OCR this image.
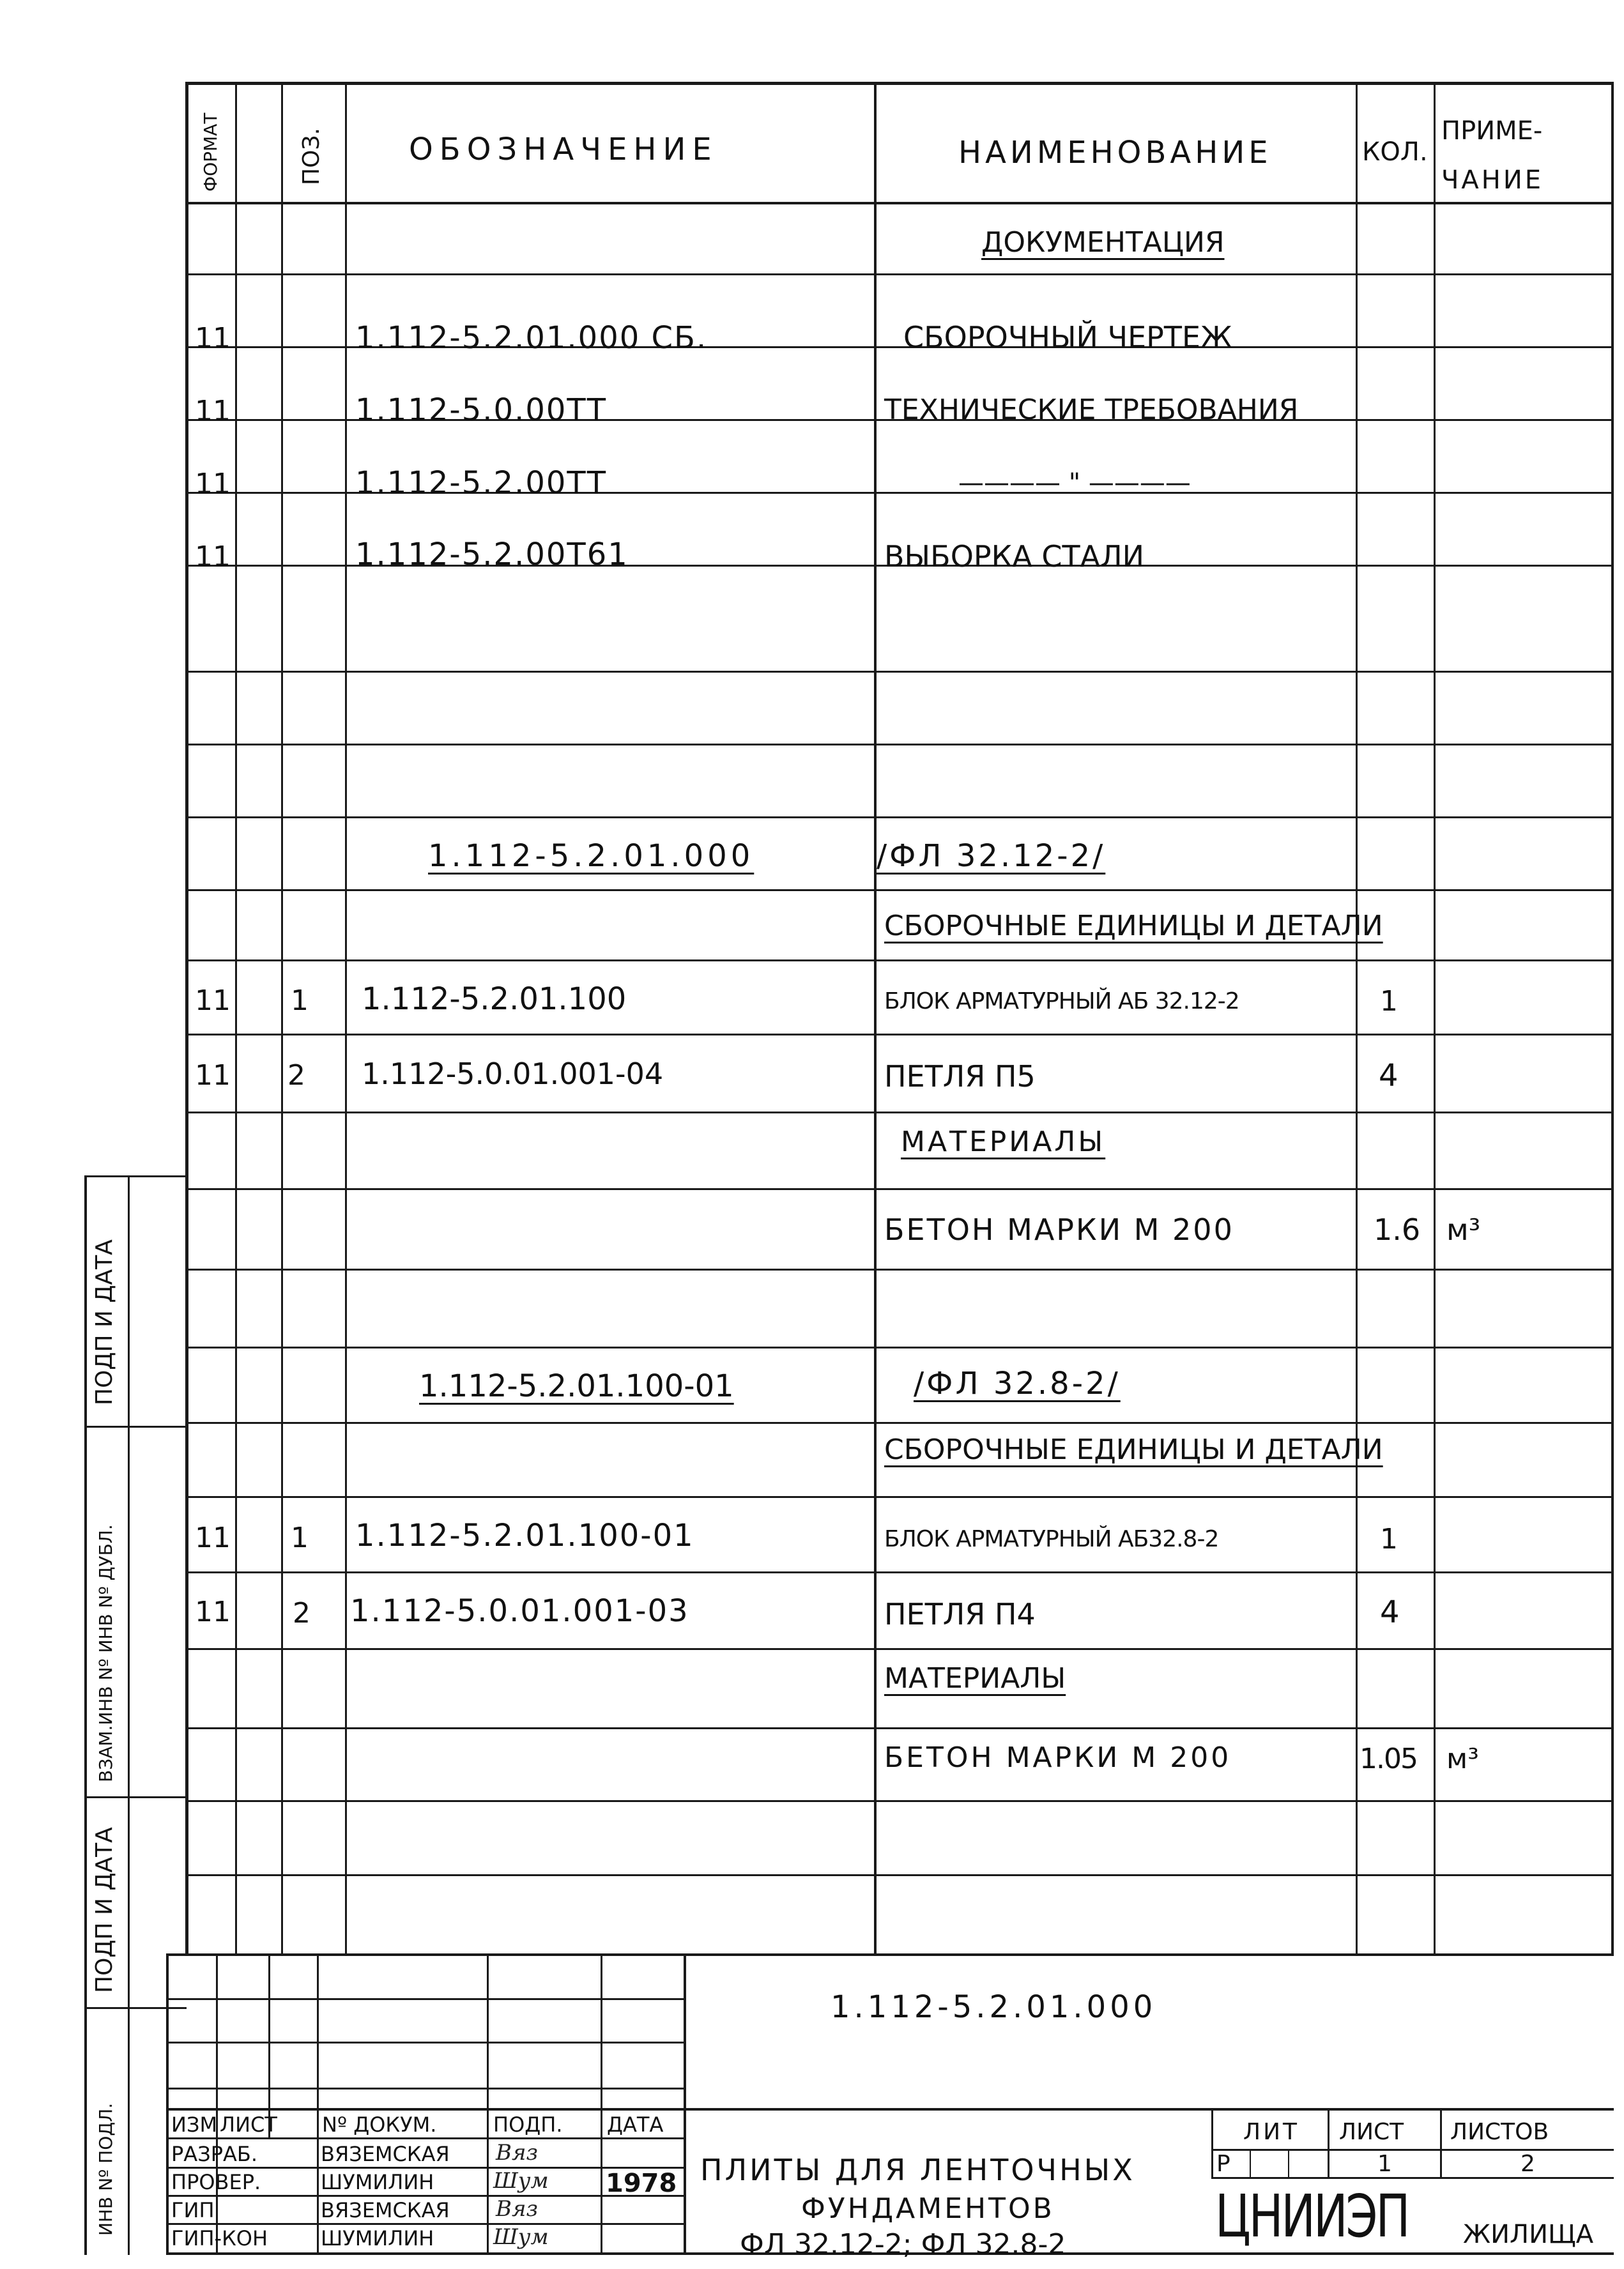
ФОРМАТ	ПОЗ.	ОБОЗНАЧЕНИЕ	НАИМЕНОВАНИЕ	КОЛ.
ПРИМЕ-
ЧАНИЕ
ДОКУМЕНТАЦИЯ
11	1.112-5.2.01.000 СБ.	СБОРОЧНЫЙ ЧЕРТЕЖ
11	1.112-5.0.00ТТ	ТЕХНИЧЕСКИЕ ТРЕБОВАНИЯ
11	1.112-5.2.00ТТ	———— " ————
11	1.112-5.2.00Т61	ВЫБОРКА СТАЛИ
1.112-5.2.01.000	/ФЛ 32.12-2/
СБОРОЧНЫЕ ЕДИНИЦЫ И ДЕТАЛИ
11 1 1.112-5.2.01.100	БЛОК АРМАТУРНЫЙ АБ 32.12-2	1
11 2 1.112-5.0.01.001-04	ПЕТЛЯ П5	4
МАТЕРИАЛЫ
БЕТОН МАРКИ М 200	1.6 м³
1.112-5.2.01.100-01	/ФЛ 32.8-2/
СБОРОЧНЫЕ ЕДИНИЦЫ И ДЕТАЛИ
11 1 1.112-5.2.01.100-01	БЛОК АРМАТУРНЫЙ АБ32.8-2	1
11 2 1.112-5.0.01.001-03	ПЕТЛЯ П4	4
МАТЕРИАЛЫ
БЕТОН МАРКИ М 200	1.05 м³
ПОДП И ДАТА
ВЗАМ.ИНВ Nº ИНВ Nº ДУБЛ.
ПОДП И ДАТА
ИНВ Nº ПОДЛ.
1.112-5.2.01.000
ИЗМ ЛИСТ Nº ДОКУМ.	ПОДП. ДАТА
РАЗРАБ.	ВЯЗЕМСКАЯ Вяз
ПРОВЕР.	ШУМИЛИН	Шум 1978
ГИП	ВЯЗЕМСКАЯ Вяз
ГИП-КОН	ШУМИЛИН	Шум
ПЛИТЫ ДЛЯ ЛЕНТОЧНЫХ
ФУНДАМЕНТОВ
ФЛ 32.12-2; ФЛ 32.8-2
ЛИТ ЛИСТ ЛИСТОВ
Р	1	2
ЦНИИЭП ЖИЛИЩА
